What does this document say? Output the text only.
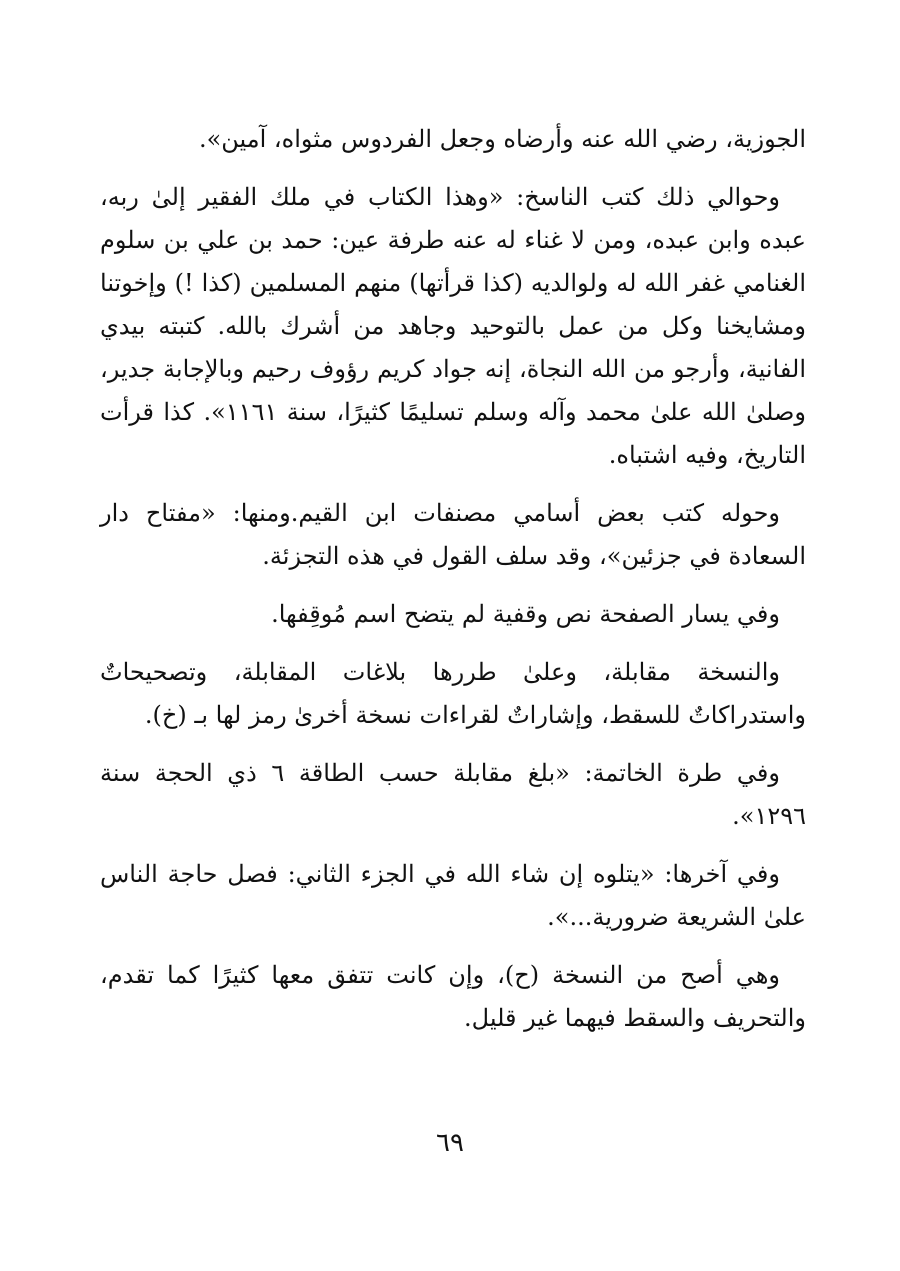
الجوزية، رضي الله عنه وأرضاه وجعل الفردوس مثواه، آمين».

وحوالي ذلك كتب الناسخ: «وهذا الكتاب في ملك الفقير إلىٰ ربه، عبده وابن عبده، ومن لا غناء له عنه طرفة عين: حمد بن علي بن سلوم الغنامي غفر الله له ولوالديه (كذا قرأتها) منهم المسلمين (كذا !) وإخوتنا ومشايخنا وكل من عمل بالتوحيد وجاهد من أشرك بالله. كتبته بيدي الفانية، وأرجو من الله النجاة، إنه جواد كريم رؤوف رحيم وبالإجابة جدير، وصلىٰ الله علىٰ محمد وآله وسلم تسليمًا كثيرًا، سنة ١١٦١». كذا قرأت التاريخ، وفيه اشتباه.

وحوله كتب بعض أسامي مصنفات ابن القيم.ومنها: «مفتاح دار السعادة في جزئين»، وقد سلف القول في هذه التجزئة.

وفي يسار الصفحة نص وقفية لم يتضح اسم مُوقِفها.

والنسخة مقابلة، وعلىٰ طررها بلاغات المقابلة، وتصحيحاتٌ واستدراكاتٌ للسقط، وإشاراتٌ لقراءات نسخة أخرىٰ رمز لها بـ (خ).

وفي طرة الخاتمة: «بلغ مقابلة حسب الطاقة ٦ ذي الحجة سنة ١٢٩٦».

وفي آخرها: «يتلوه إن شاء الله في الجزء الثاني: فصل حاجة الناس علىٰ الشريعة ضرورية...».

وهي أصح من النسخة (ح)، وإن كانت تتفق معها كثيرًا كما تقدم، والتحريف والسقط فيهما غير قليل.

٦٩
